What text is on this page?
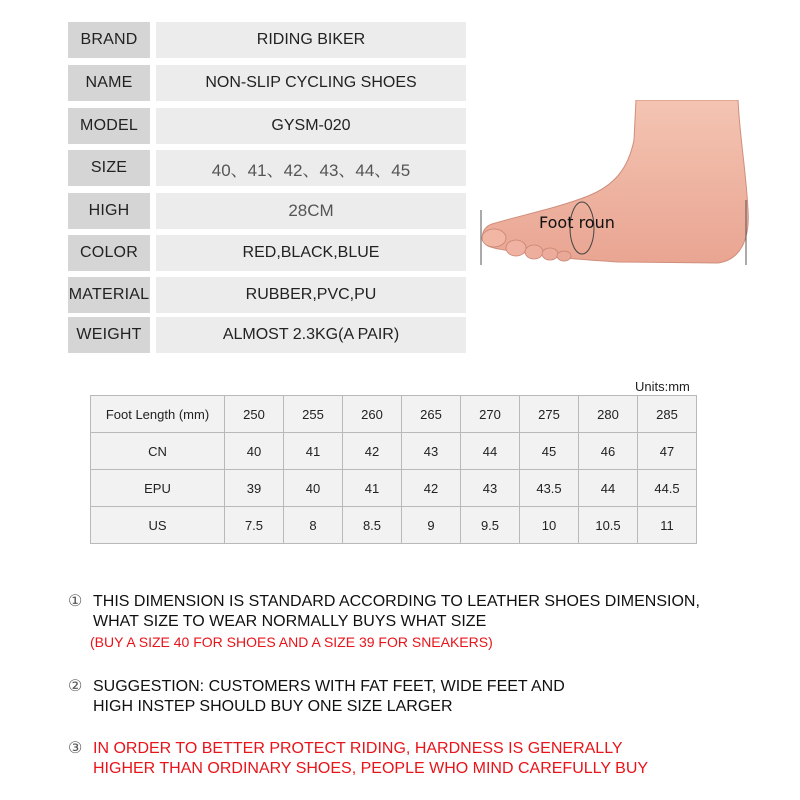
BRAND	RIDING BIKER
NAME	NON-SLIP CYCLING SHOES
MODEL	GYSM-020
SIZE	40、41、42、43、44、45
HIGH	28CM
COLOR	RED,BLACK,BLUE
MATERIAL	RUBBER,PVC,PU
WEIGHT	ALMOST 2.3KG(A PAIR)
Foot roun
Units:mm
Foot Length (mm)	250	255	260	265	270	275	280	285
CN	40	41	42	43	44	45	46	47
EPU	39	40	41	42	43	43.5	44	44.5
US	7.5	8	8.5	9	9.5	10	10.5	11
① THIS DIMENSION IS STANDARD ACCORDING TO LEATHER SHOES DIMENSION,
WHAT SIZE TO WEAR NORMALLY BUYS WHAT SIZE
(BUY A SIZE 40 FOR SHOES AND A SIZE 39 FOR SNEAKERS)
② SUGGESTION: CUSTOMERS WITH FAT FEET, WIDE FEET AND
HIGH INSTEP SHOULD BUY ONE SIZE LARGER
③ IN ORDER TO BETTER PROTECT RIDING, HARDNESS IS GENERALLY
HIGHER THAN ORDINARY SHOES, PEOPLE WHO MIND CAREFULLY BUY
